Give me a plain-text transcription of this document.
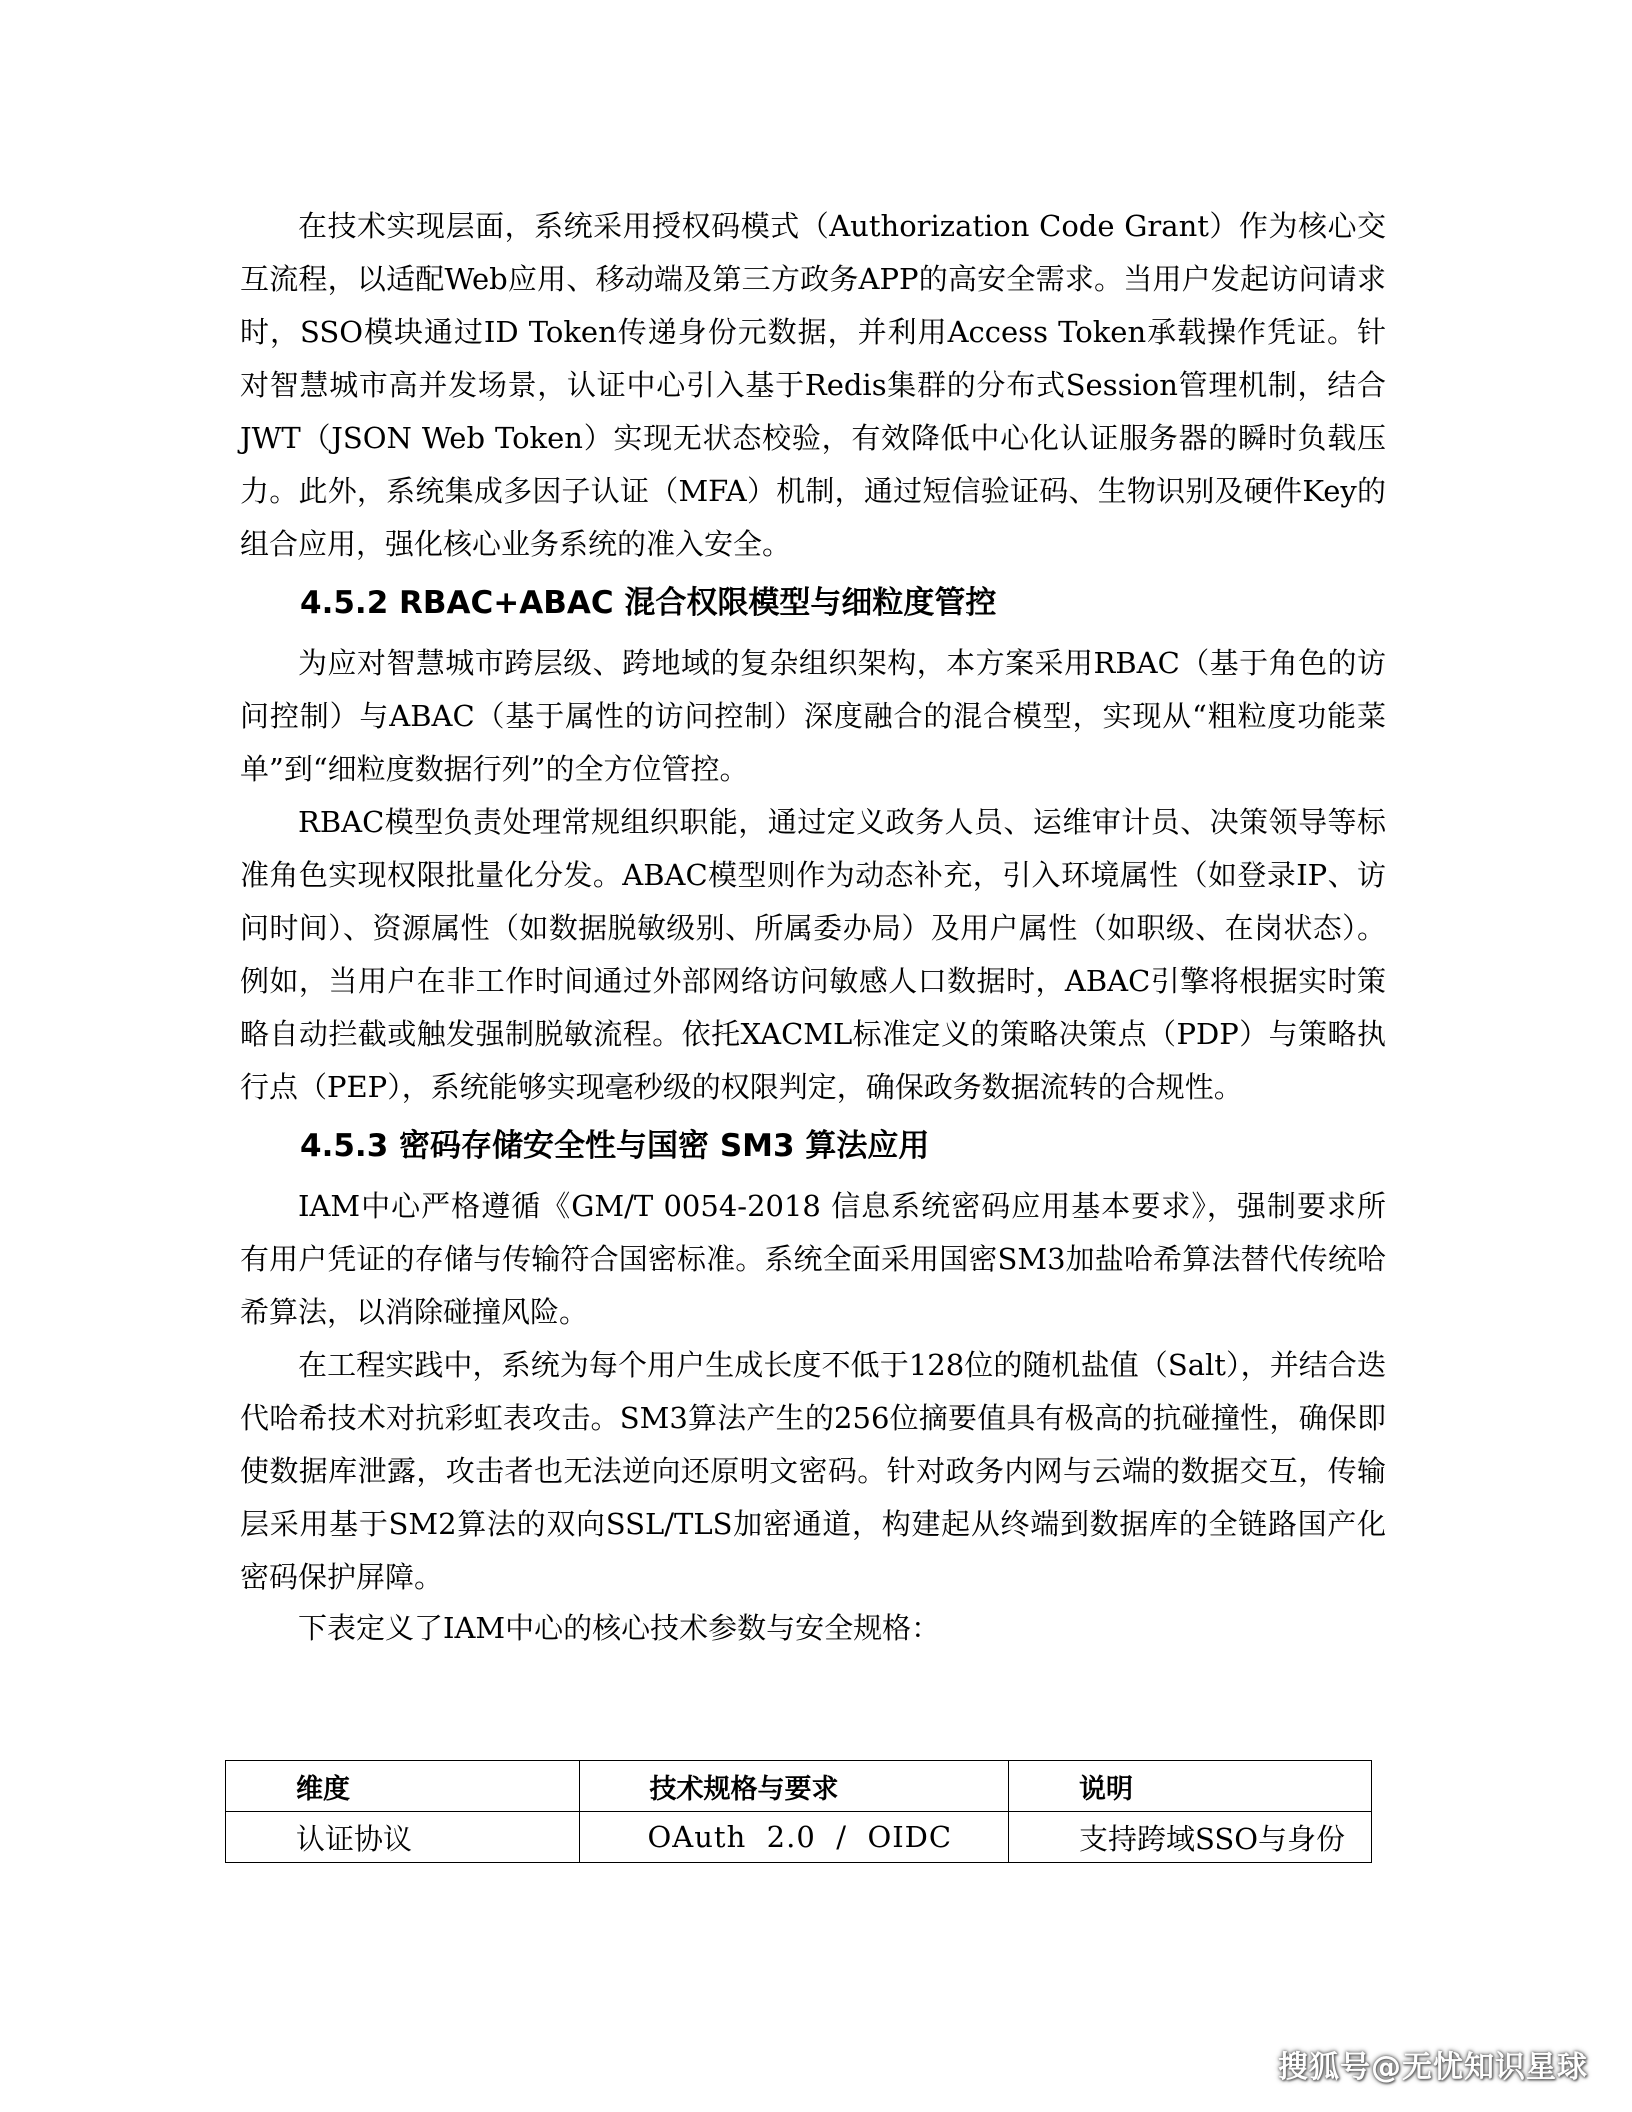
在技术实现层面，系统采用授权码模式（Authorization Code Grant）作为核心交互流程，以适配Web应用、移动端及第三方政务APP的高安全需求。当用户发起访问请求时，SSO模块通过ID Token传递身份元数据，并利用Access Token承载操作凭证。针对智慧城市高并发场景，认证中心引入基于Redis集群的分布式Session管理机制，结合JWT（JSON Web Token）实现无状态校验，有效降低中心化认证服务器的瞬时负载压力。此外，系统集成多因子认证（MFA）机制，通过短信验证码、生物识别及硬件Key的组合应用，强化核心业务系统的准入安全。

4.5.2 RBAC+ABAC 混合权限模型与细粒度管控

为应对智慧城市跨层级、跨地域的复杂组织架构，本方案采用RBAC（基于角色的访问控制）与ABAC（基于属性的访问控制）深度融合的混合模型，实现从“粗粒度功能菜单”到“细粒度数据行列”的全方位管控。

RBAC模型负责处理常规组织职能，通过定义政务人员、运维审计员、决策领导等标准角色实现权限批量化分发。ABAC模型则作为动态补充，引入环境属性（如登录IP、访问时间）、资源属性（如数据脱敏级别、所属委办局）及用户属性（如职级、在岗状态）。例如，当用户在非工作时间通过外部网络访问敏感人口数据时，ABAC引擎将根据实时策略自动拦截或触发强制脱敏流程。依托XACML标准定义的策略决策点（PDP）与策略执行点（PEP），系统能够实现毫秒级的权限判定，确保政务数据流转的合规性。

4.5.3 密码存储安全性与国密 SM3 算法应用

IAM中心严格遵循《GM/T 0054-2018 信息系统密码应用基本要求》，强制要求所有用户凭证的存储与传输符合国密标准。系统全面采用国密SM3加盐哈希算法替代传统哈希算法，以消除碰撞风险。

在工程实践中，系统为每个用户生成长度不低于128位的随机盐值（Salt），并结合迭代哈希技术对抗彩虹表攻击。SM3算法产生的256位摘要值具有极高的抗碰撞性，确保即使数据库泄露，攻击者也无法逆向还原明文密码。针对政务内网与云端的数据交互，传输层采用基于SM2算法的双向SSL/TLS加密通道，构建起从终端到数据库的全链路国产化密码保护屏障。

下表定义了IAM中心的核心技术参数与安全规格：

维度	技术规格与要求	说明
认证协议	OAuth  2.0  /  OIDC	支持跨域SSO与身份
搜狐号@无忧知识星球
